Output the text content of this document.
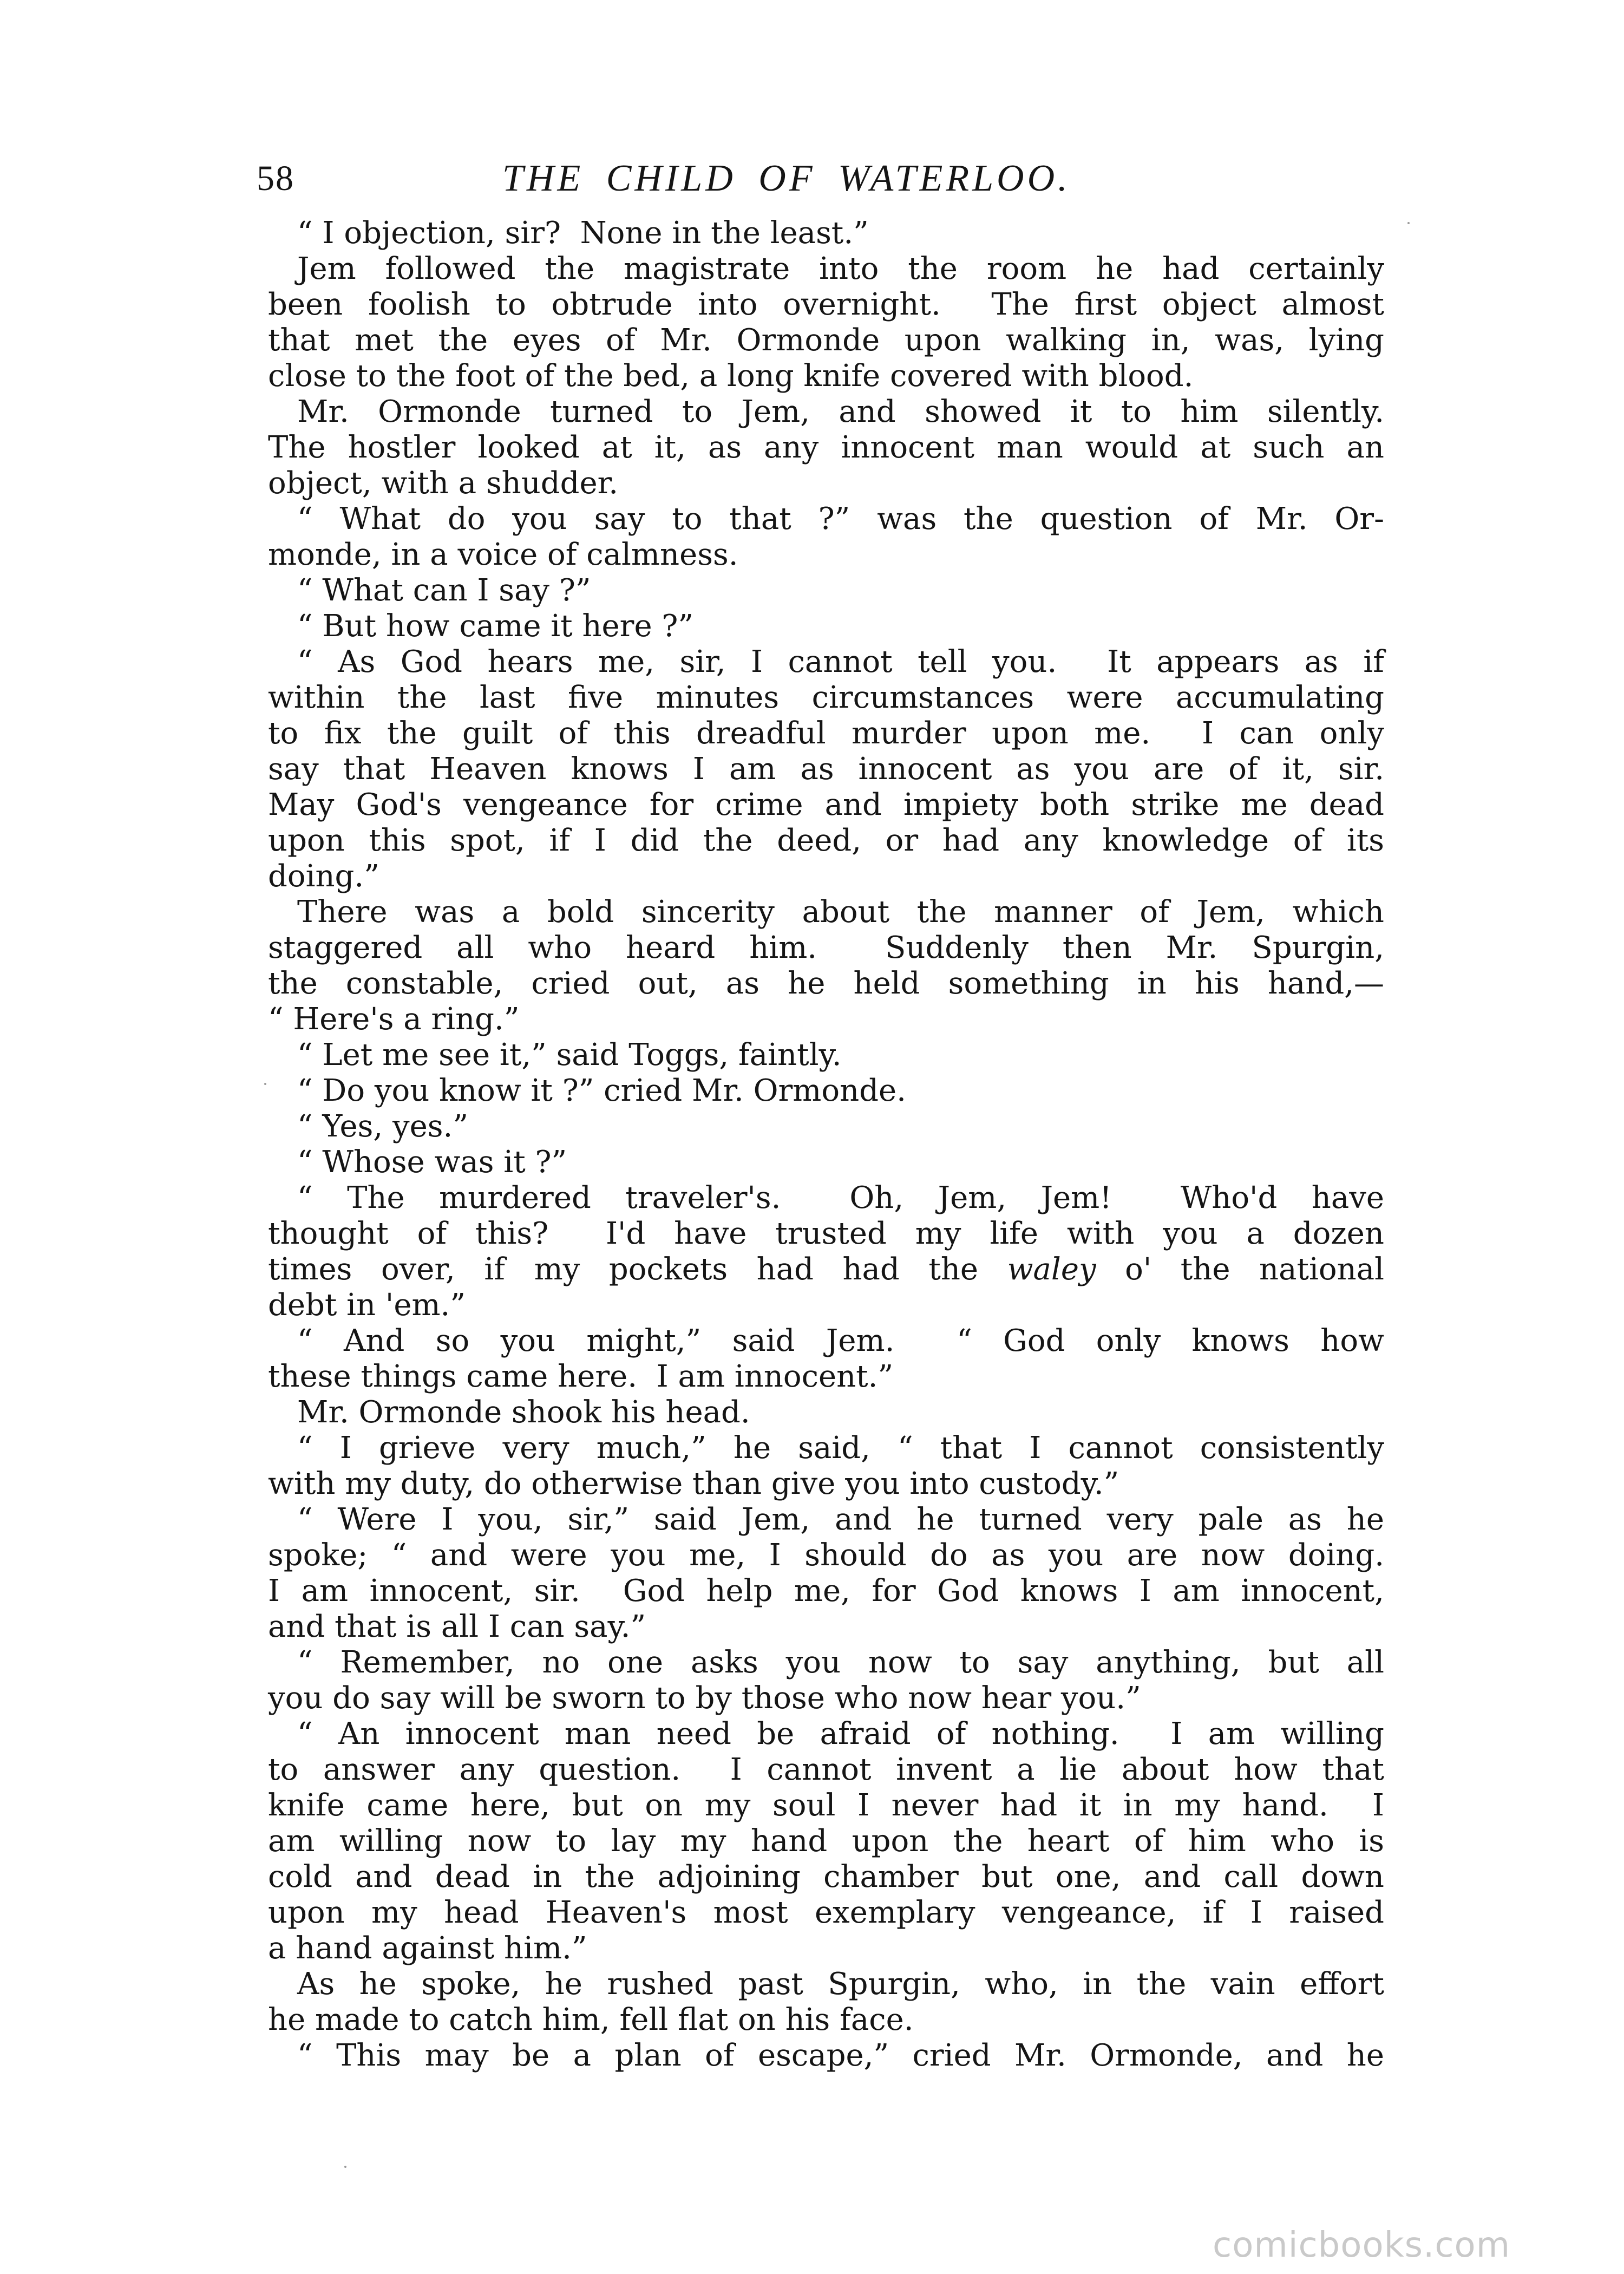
58	THE CHILD OF WATERLOO.
“ I objection, sir?  None in the least.”
Jem followed the magistrate into the room he had certainly
been foolish to obtrude into overnight.  The first object almost
that met the eyes of Mr. Ormonde upon walking in, was, lying
close to the foot of the bed, a long knife covered with blood.
Mr. Ormonde turned to Jem, and showed it to him silently.
The hostler looked at it, as any innocent man would at such an
object, with a shudder.
“ What do you say to that ?” was the question of Mr. Or-
monde, in a voice of calmness.
“ What can I say ?”
“ But how came it here ?”
“ As God hears me, sir, I cannot tell you.  It appears as if
within the last five minutes circumstances were accumulating
to fix the guilt of this dreadful murder upon me.  I can only
say that Heaven knows I am as innocent as you are of it, sir.
May God's vengeance for crime and impiety both strike me dead
upon this spot, if I did the deed, or had any knowledge of its
doing.”
There was a bold sincerity about the manner of Jem, which
staggered all who heard him.  Suddenly then Mr. Spurgin,
the constable, cried out, as he held something in his hand,—
“ Here's a ring.”
“ Let me see it,” said Toggs, faintly.
“ Do you know it ?” cried Mr. Ormonde.
“ Yes, yes.”
“ Whose was it ?”
“ The murdered traveler's.  Oh, Jem, Jem!  Who'd have
thought of this?  I'd have trusted my life with you a dozen
times over, if my pockets had had the waley o' the national
debt in 'em.”
“ And so you might,” said Jem.  “ God only knows how
these things came here.  I am innocent.”
Mr. Ormonde shook his head.
“ I grieve very much,” he said, “ that I cannot consistently
with my duty, do otherwise than give you into custody.”
“ Were I you, sir,” said Jem, and he turned very pale as he
spoke; “ and were you me, I should do as you are now doing.
I am innocent, sir.  God help me, for God knows I am innocent,
and that is all I can say.”
“ Remember, no one asks you now to say anything, but all
you do say will be sworn to by those who now hear you.”
“ An innocent man need be afraid of nothing.  I am willing
to answer any question.  I cannot invent a lie about how that
knife came here, but on my soul I never had it in my hand.  I
am willing now to lay my hand upon the heart of him who is
cold and dead in the adjoining chamber but one, and call down
upon my head Heaven's most exemplary vengeance, if I raised
a hand against him.”
As he spoke, he rushed past Spurgin, who, in the vain effort
he made to catch him, fell flat on his face.
“ This may be a plan of escape,” cried Mr. Ormonde, and he
comicbooks.com
